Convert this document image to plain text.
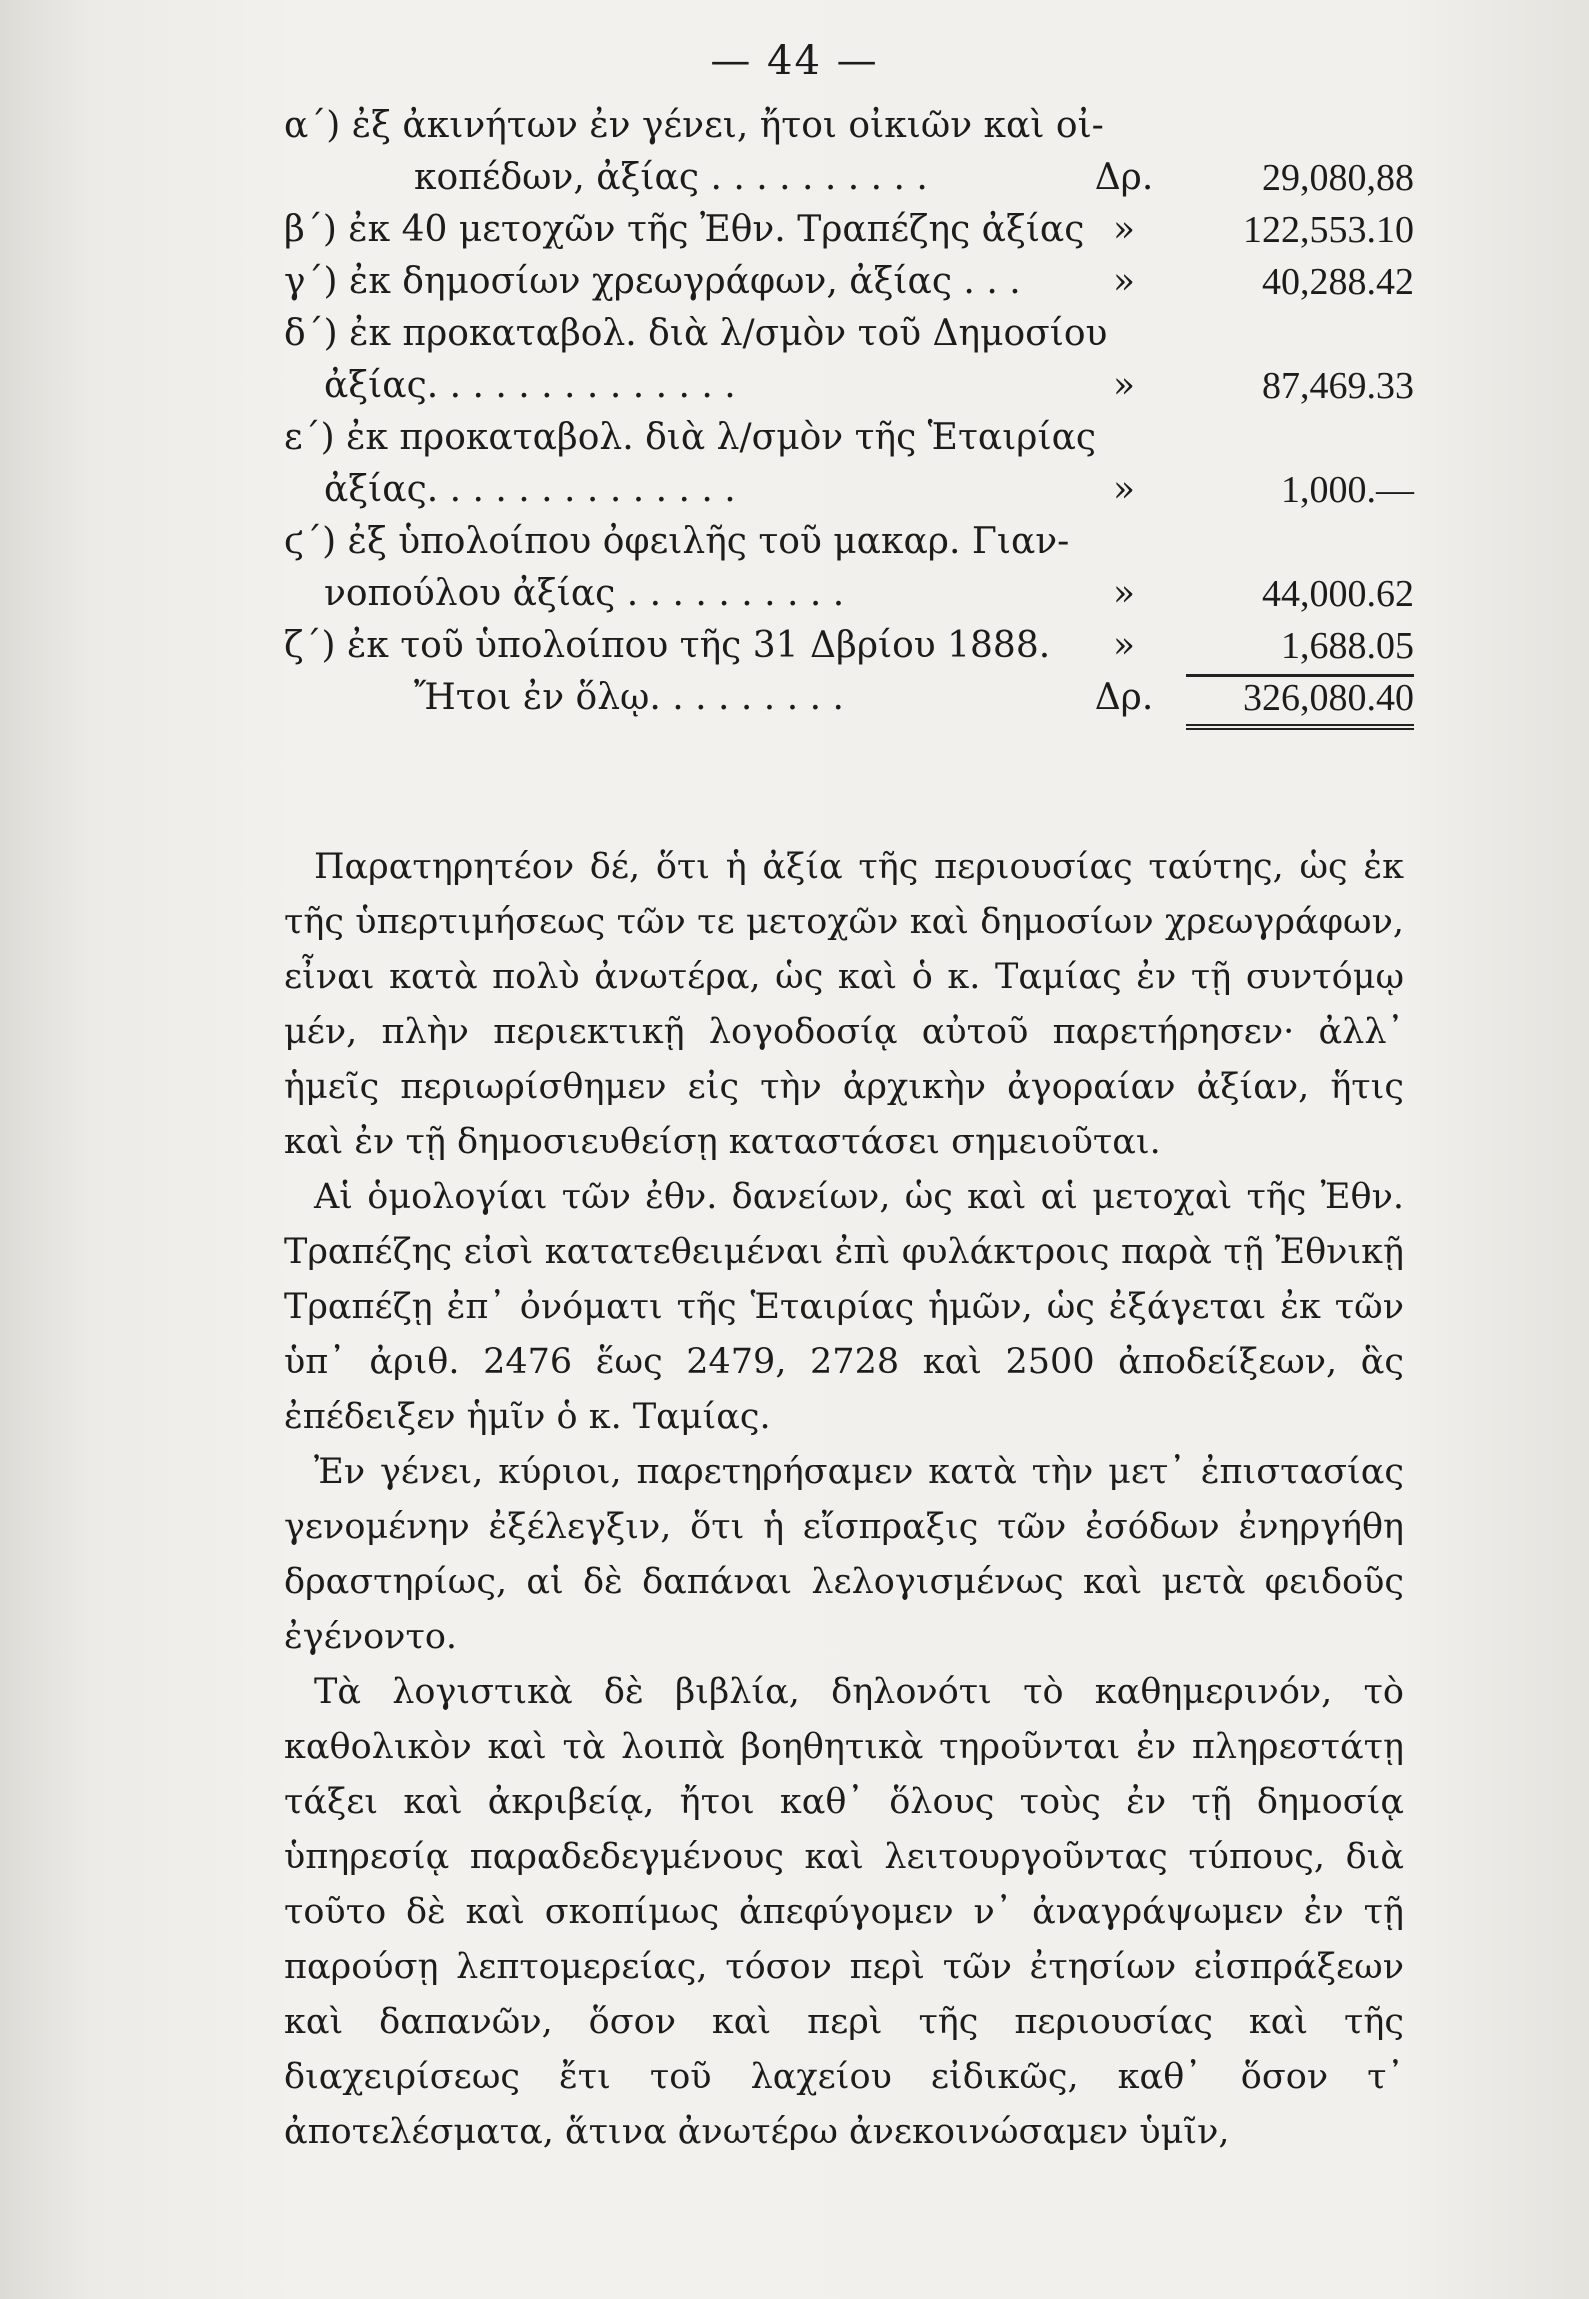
— 44 —
α΄) ἐξ ἀκινήτων ἐν γένει, ἤτοι οἰκιῶν καὶ οἰ-
κοπέδων, ἀξίας . . . . . . . . . .	Δρ.	29,080,88
β΄) ἐκ 40 μετοχῶν τῆς Ἐθν. Τραπέζης ἀξίας »	122,553.10
γ΄) ἐκ δημοσίων χρεωγράφων, ἀξίας . . .	»	40,288.42
δ΄) ἐκ προκαταβολ. διὰ λ/σμὸν τοῦ Δημοσίου
ἀξίας. . . . . . . . . . . . . .	»	87,469.33
ε΄) ἐκ προκαταβολ. διὰ λ/σμὸν τῆς Ἑταιρίας
ἀξίας. . . . . . . . . . . . . .	»	1,000.—
ϛ΄) ἐξ ὑπολοίπου ὀφειλῆς τοῦ μακαρ. Γιαν-
νοπούλου ἀξίας . . . . . . . . . .	»	44,000.62
ζ΄) ἐκ τοῦ ὑπολοίπου τῆς 31 Δβρίου 1888.	»	1,688.05
Ἤτοι ἐν ὅλῳ. . . . . . . . .	Δρ.	326,080.40

Παρατηρητέον δέ, ὅτι ἡ ἀξία τῆς περιουσίας ταύτης, ὡς ἐκ τῆς ὑπερτιμήσεως τῶν τε μετοχῶν καὶ δημοσίων χρεωγράφων, εἶναι κατὰ πολὺ ἀνωτέρα, ὡς καὶ ὁ κ. Ταμίας ἐν τῇ συντόμῳ μέν, πλὴν περιεκτικῇ λογοδοσίᾳ αὐτοῦ παρετήρησεν· ἀλλ᾽ ἡμεῖς περιωρίσθημεν εἰς τὴν ἀρχικὴν ἀγοραίαν ἀξίαν, ἥτις καὶ ἐν τῇ δημοσιευθείσῃ καταστάσει σημειοῦται.

Αἱ ὁμολογίαι τῶν ἐθν. δανείων, ὡς καὶ αἱ μετοχαὶ τῆς Ἐθν. Τραπέζης εἰσὶ κατατεθειμέναι ἐπὶ φυλάκτροις παρὰ τῇ Ἐθνικῇ Τραπέζῃ ἐπ᾽ ὀνόματι τῆς Ἑταιρίας ἡμῶν, ὡς ἐξάγεται ἐκ τῶν ὑπ᾽ ἀριθ. 2476 ἕως 2479, 2728 καὶ 2500 ἀποδείξεων, ἃς ἐπέδειξεν ἡμῖν ὁ κ. Ταμίας.

Ἐν γένει, κύριοι, παρετηρήσαμεν κατὰ τὴν μετ᾽ ἐπιστασίας γενομένην ἐξέλεγξιν, ὅτι ἡ εἴσπραξις τῶν ἐσόδων ἐνηργήθη δραστηρίως, αἱ δὲ δαπάναι λελογισμένως καὶ μετὰ φειδοῦς ἐγένοντο.

Τὰ λογιστικὰ δὲ βιβλία, δηλονότι τὸ καθημερινόν, τὸ καθολικὸν καὶ τὰ λοιπὰ βοηθητικὰ τηροῦνται ἐν πληρεστάτῃ τάξει καὶ ἀκριβείᾳ, ἤτοι καθ᾽ ὅλους τοὺς ἐν τῇ δημοσίᾳ ὑπηρεσίᾳ παραδεδεγμένους καὶ λειτουργοῦντας τύπους, διὰ τοῦτο δὲ καὶ σκοπίμως ἀπεφύγομεν ν᾽ ἀναγράψωμεν ἐν τῇ παρούσῃ λεπτομερείας, τόσον περὶ τῶν ἐτησίων εἰσπράξεων καὶ δαπανῶν, ὅσον καὶ περὶ τῆς περιουσίας καὶ τῆς διαχειρίσεως ἔτι τοῦ λαχείου εἰδικῶς, καθ᾽ ὅσον τ᾽ ἀποτελέσματα, ἅτινα ἀνωτέρω ἀνεκοινώσαμεν ὑμῖν,
